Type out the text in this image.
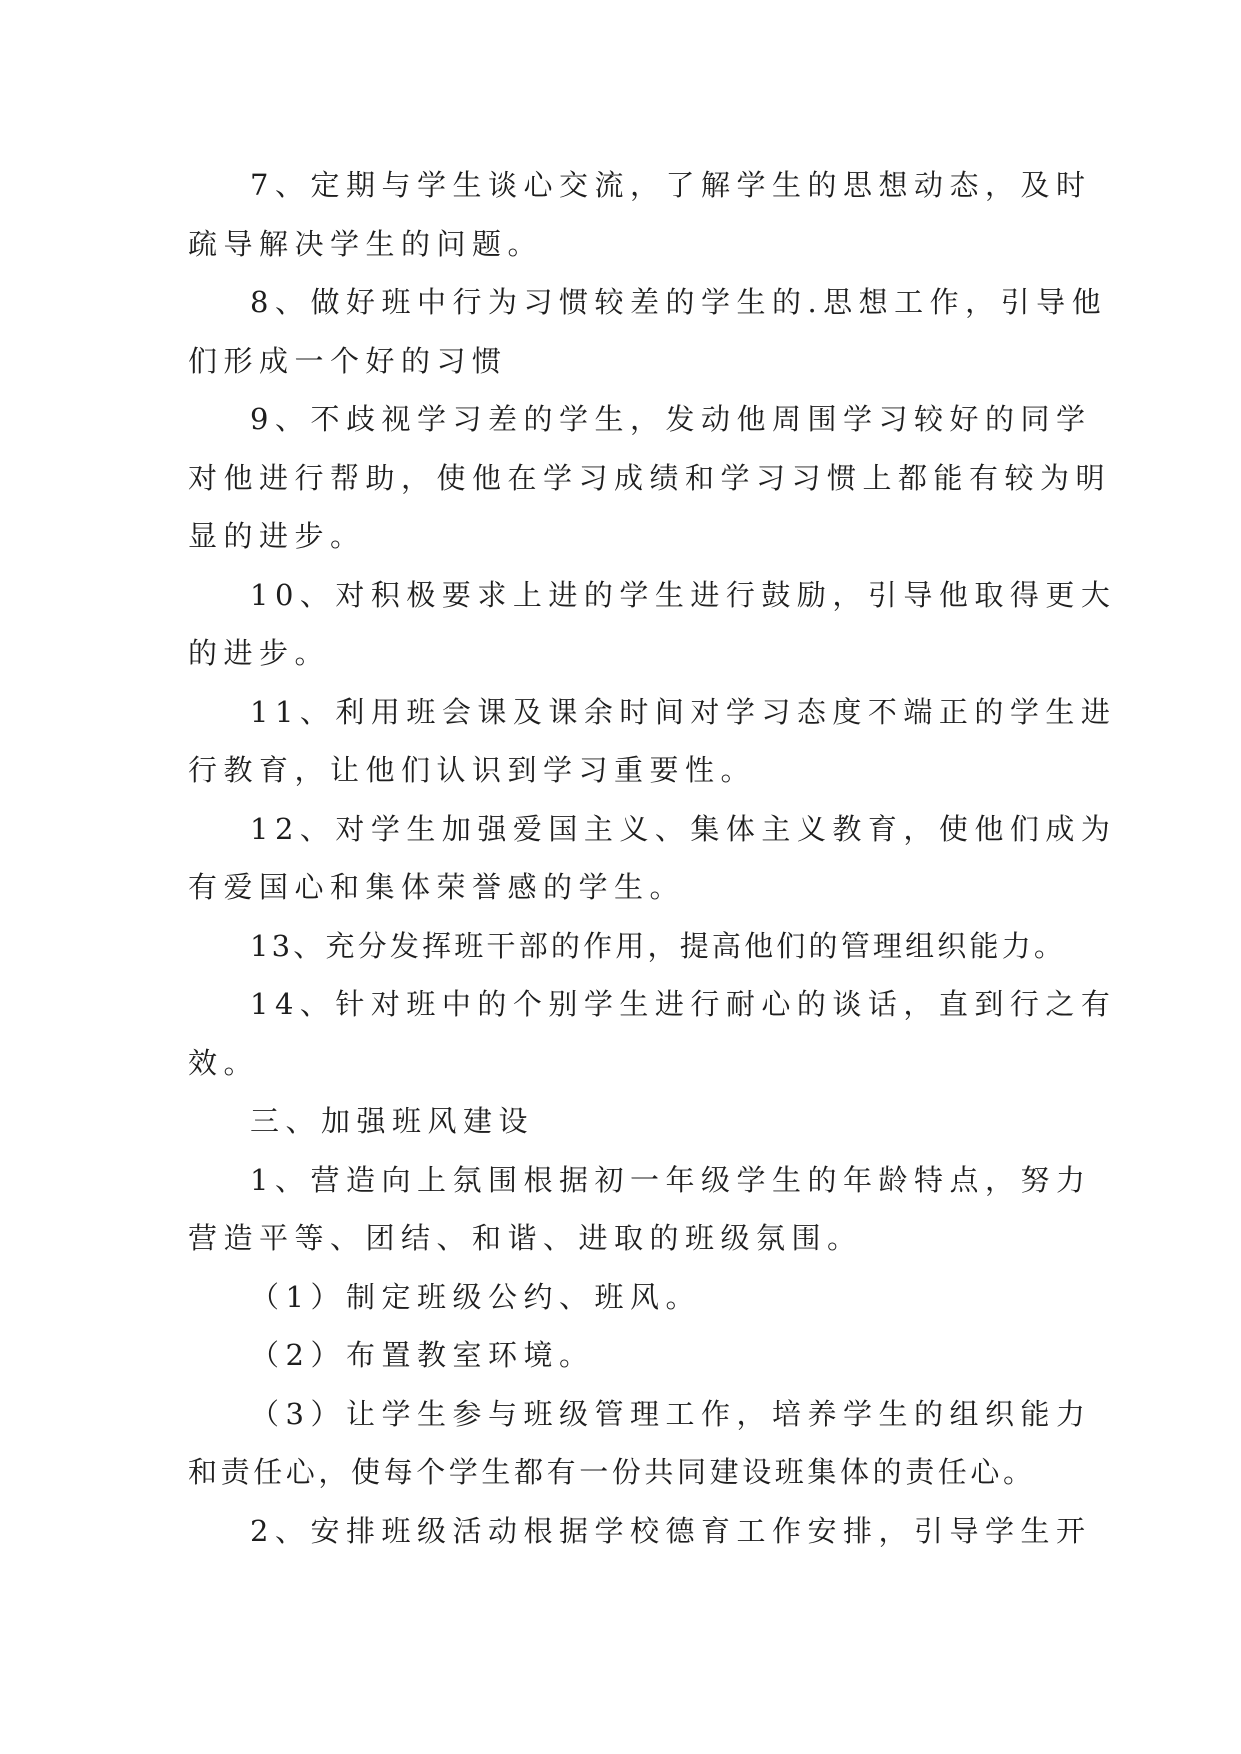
7、定期与学生谈心交流，了解学生的思想动态，及时
疏导解决学生的问题。

8、做好班中行为习惯较差的学生的.思想工作，引导他
们形成一个好的习惯

9、不歧视学习差的学生，发动他周围学习较好的同学
对他进行帮助，使他在学习成绩和学习习惯上都能有较为明
显的进步。

10、对积极要求上进的学生进行鼓励，引导他取得更大
的进步。

11、利用班会课及课余时间对学习态度不端正的学生进
行教育，让他们认识到学习重要性。

12、对学生加强爱国主义、集体主义教育，使他们成为
有爱国心和集体荣誉感的学生。

13、充分发挥班干部的作用，提高他们的管理组织能力。

14、针对班中的个别学生进行耐心的谈话，直到行之有
效。

三、加强班风建设

1、营造向上氛围根据初一年级学生的年龄特点，努力
营造平等、团结、和谐、进取的班级氛围。

（1）制定班级公约、班风。

（2）布置教室环境。

（3）让学生参与班级管理工作，培养学生的组织能力
和责任心，使每个学生都有一份共同建设班集体的责任心。

2、安排班级活动根据学校德育工作安排，引导学生开
